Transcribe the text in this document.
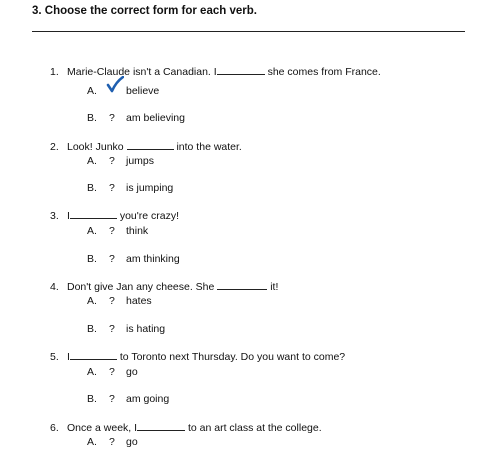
3. Choose the correct form for each verb.
1. Marie-Claude isn't a Canadian. I	she comes from France.
A.	believe
B. ? am believing
2. Look! Junko	into the water.
A. ? jumps
B. ? is jumping
3. I	you're crazy!
A. ? think
B. ? am thinking
4. Don't give Jan any cheese. She	it!
A. ? hates
B. ? is hating
5. I	to Toronto next Thursday. Do you want to come?
A. ? go
B. ? am going
6. Once a week, I	to an art class at the college.
A. ? go
